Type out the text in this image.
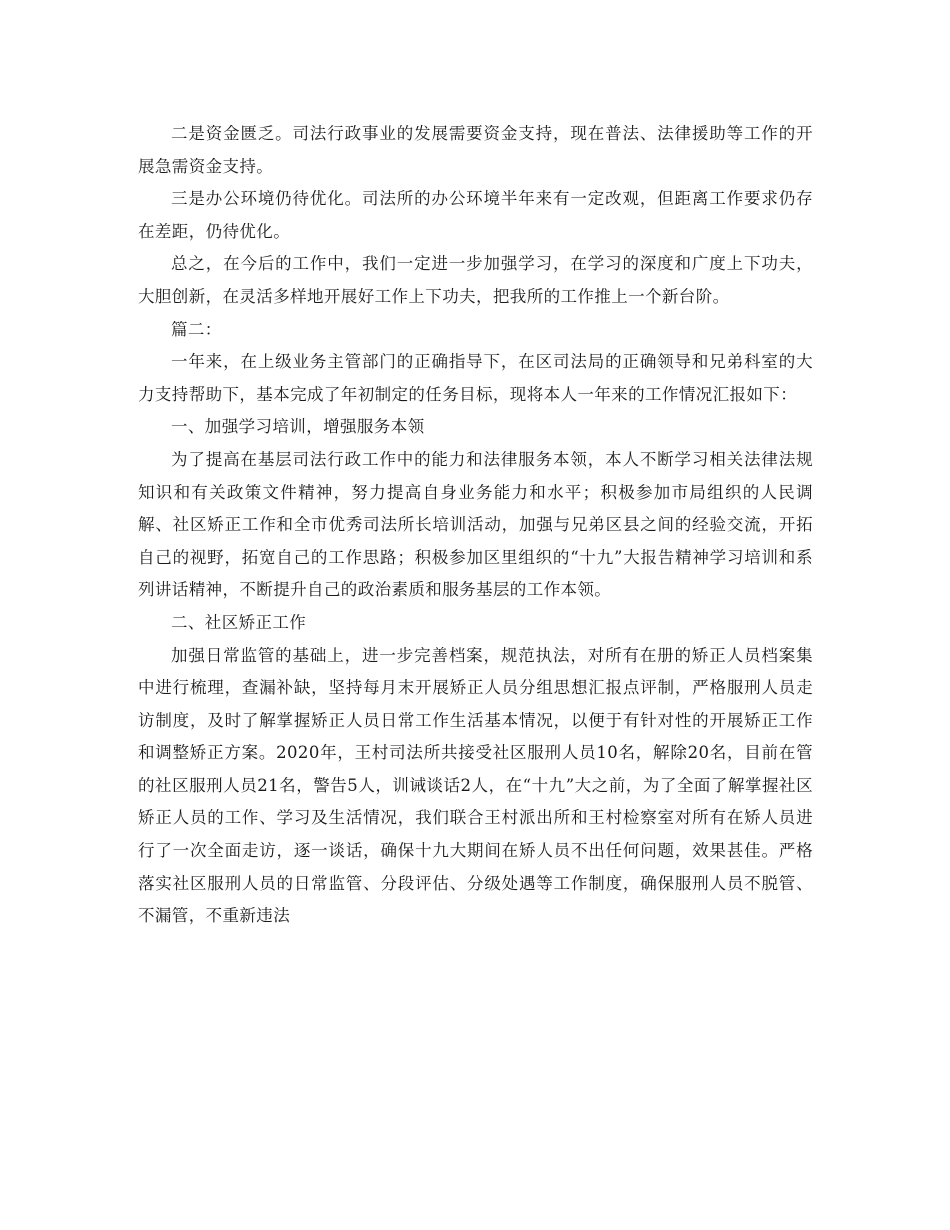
二是资金匮乏。司法行政事业的发展需要资金支持，现在普法、法律援助等工作的开展急需资金支持。

三是办公环境仍待优化。司法所的办公环境半年来有一定改观，但距离工作要求仍存在差距，仍待优化。

总之，在今后的工作中，我们一定进一步加强学习，在学习的深度和广度上下功夫，大胆创新，在灵活多样地开展好工作上下功夫，把我所的工作推上一个新台阶。

篇二：

一年来，在上级业务主管部门的正确指导下，在区司法局的正确领导和兄弟科室的大力支持帮助下，基本完成了年初制定的任务目标，现将本人一年来的工作情况汇报如下：

一、加强学习培训，增强服务本领

为了提高在基层司法行政工作中的能力和法律服务本领，本人不断学习相关法律法规知识和有关政策文件精神，努力提高自身业务能力和水平；积极参加市局组织的人民调解、社区矫正工作和全市优秀司法所长培训活动，加强与兄弟区县之间的经验交流，开拓自己的视野，拓宽自己的工作思路；积极参加区里组织的“十九”大报告精神学习培训和系列讲话精神，不断提升自己的政治素质和服务基层的工作本领。

二、社区矫正工作

加强日常监管的基础上，进一步完善档案，规范执法，对所有在册的矫正人员档案集中进行梳理，查漏补缺，坚持每月末开展矫正人员分组思想汇报点评制，严格服刑人员走访制度，及时了解掌握矫正人员日常工作生活基本情况，以便于有针对性的开展矫正工作和调整矫正方案。2020年，王村司法所共接受社区服刑人员10名，解除20名，目前在管的社区服刑人员21名，警告5人，训诫谈话2人，在“十九”大之前，为了全面了解掌握社区矫正人员的工作、学习及生活情况，我们联合王村派出所和王村检察室对所有在矫人员进行了一次全面走访，逐一谈话，确保十九大期间在矫人员不出任何问题，效果甚佳。严格落实社区服刑人员的日常监管、分段评估、分级处遇等工作制度，确保服刑人员不脱管、不漏管，不重新违法
